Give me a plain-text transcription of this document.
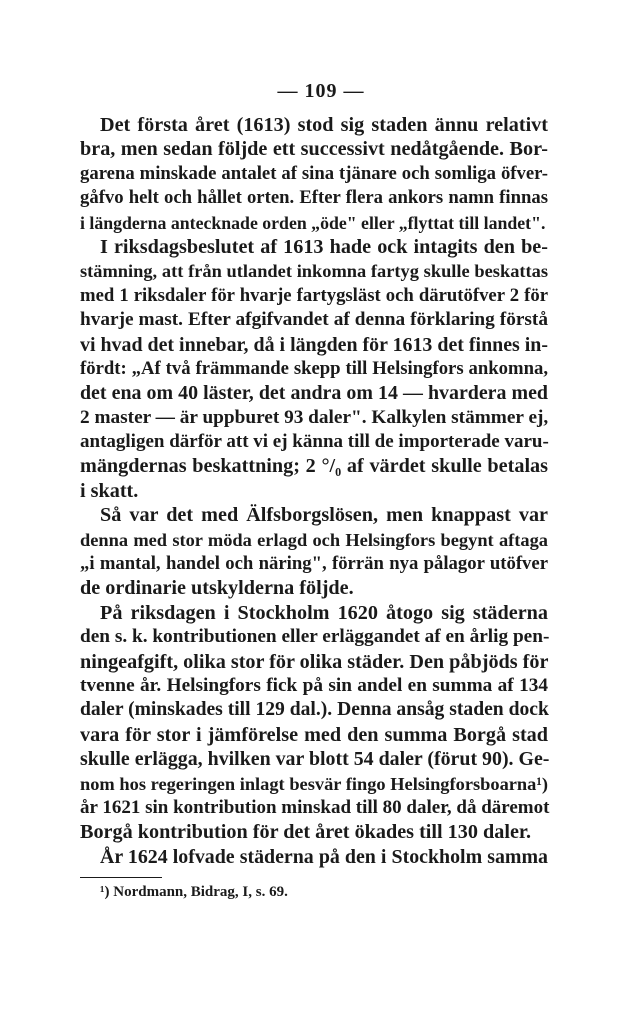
— 109 —
Det första året (1613) stod sig staden ännu relativt
bra, men sedan följde ett successivt nedåtgående. Bor-
garena minskade antalet af sina tjänare och somliga öfver-
gåfvo helt och hållet orten. Efter flera ankors namn finnas
i längderna antecknade orden „öde" eller „flyttat till landet".
I riksdagsbeslutet af 1613 hade ock intagits den be-
stämning, att från utlandet inkomna fartyg skulle beskattas
med 1 riksdaler för hvarje fartygsläst och därutöfver 2 för
hvarje mast. Efter afgifvandet af denna förklaring förstå
vi hvad det innebar, då i längden för 1613 det finnes in-
fördt: „Af två främmande skepp till Helsingfors ankomna,
det ena om 40 läster, det andra om 14 — hvardera med
2 master — är uppburet 93 daler". Kalkylen stämmer ej,
antagligen därför att vi ej känna till de importerade varu-
mängdernas beskattning; 2 °/₀ af värdet skulle betalas
i skatt.
Så var det med Älfsborgslösen, men knappast var
denna med stor möda erlagd och Helsingfors begynt aftaga
„i mantal, handel och näring", förrän nya pålagor utöfver
de ordinarie utskylderna följde.
På riksdagen i Stockholm 1620 åtogo sig städerna
den s. k. kontributionen eller erläggandet af en årlig pen-
ningeafgift, olika stor för olika städer. Den påbjöds för
tvenne år. Helsingfors fick på sin andel en summa af 134
daler (minskades till 129 dal.). Denna ansåg staden dock
vara för stor i jämförelse med den summa Borgå stad
skulle erlägga, hvilken var blott 54 daler (förut 90). Ge-
nom hos regeringen inlagt besvär fingo Helsingforsboarna¹)
år 1621 sin kontribution minskad till 80 daler, då däremot
Borgå kontribution för det året ökades till 130 daler.
År 1624 lofvade städerna på den i Stockholm samma
¹) Nordmann, Bidrag, I, s. 69.
